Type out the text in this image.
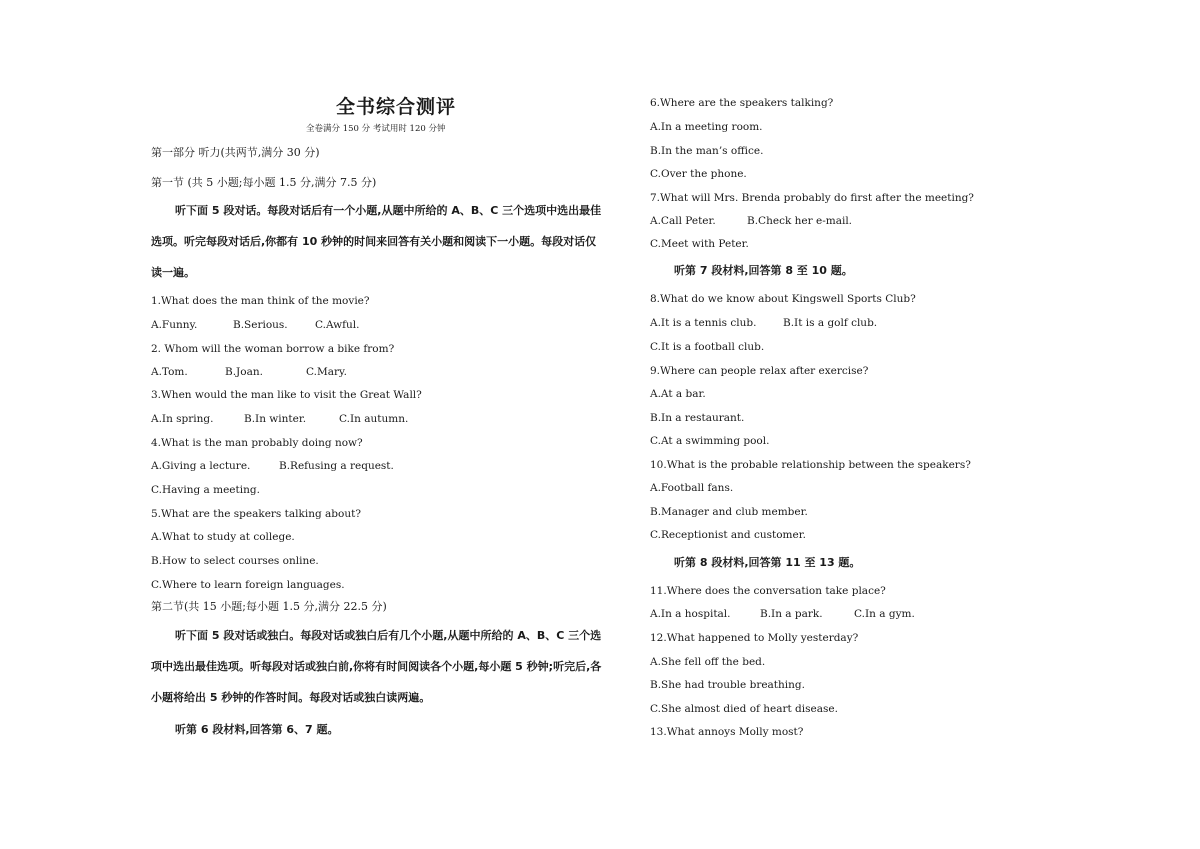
全书综合测评
全卷满分 150 分 考试用时 120 分钟
第一部分 听力(共两节,满分 30 分)
第一节 (共 5 小题;每小题 1.5 分,满分 7.5 分)
听下面 5 段对话。每段对话后有一个小题,从题中所给的 A、B、C 三个选项中选出最佳
选项。听完每段对话后,你都有 10 秒钟的时间来回答有关小题和阅读下一小题。每段对话仅
读一遍。
1.What does the man think of the movie?
A.Funny.	B.Serious.	C.Awful.
2. Whom will the woman borrow a bike from?
A.Tom.	B.Joan.	C.Mary.
3.When would the man like to visit the Great Wall?
A.In spring.	B.In winter.	C.In autumn.
4.What is the man probably doing now?
A.Giving a lecture.	B.Refusing a request.
C.Having a meeting.
5.What are the speakers talking about?
A.What to study at college.
B.How to select courses online.
C.Where to learn foreign languages.
第二节(共 15 小题;每小题 1.5 分,满分 22.5 分)
听下面 5 段对话或独白。每段对话或独白后有几个小题,从题中所给的 A、B、C 三个选
项中选出最佳选项。听每段对话或独白前,你将有时间阅读各个小题,每小题 5 秒钟;听完后,各
小题将给出 5 秒钟的作答时间。每段对话或独白读两遍。
听第 6 段材料,回答第 6、7 题。
6.Where are the speakers talking?
A.In a meeting room.
B.In the man’s office.
C.Over the phone.
7.What will Mrs. Brenda probably do first after the meeting?
A.Call Peter.	B.Check her e-mail.
C.Meet with Peter.
听第 7 段材料,回答第 8 至 10 题。
8.What do we know about Kingswell Sports Club?
A.It is a tennis club.	B.It is a golf club.
C.It is a football club.
9.Where can people relax after exercise?
A.At a bar.
B.In a restaurant.
C.At a swimming pool.
10.What is the probable relationship between the speakers?
A.Football fans.
B.Manager and club member.
C.Receptionist and customer.
听第 8 段材料,回答第 11 至 13 题。
11.Where does the conversation take place?
A.In a hospital.	B.In a park.	C.In a gym.
12.What happened to Molly yesterday?
A.She fell off the bed.
B.She had trouble breathing.
C.She almost died of heart disease.
13.What annoys Molly most?
